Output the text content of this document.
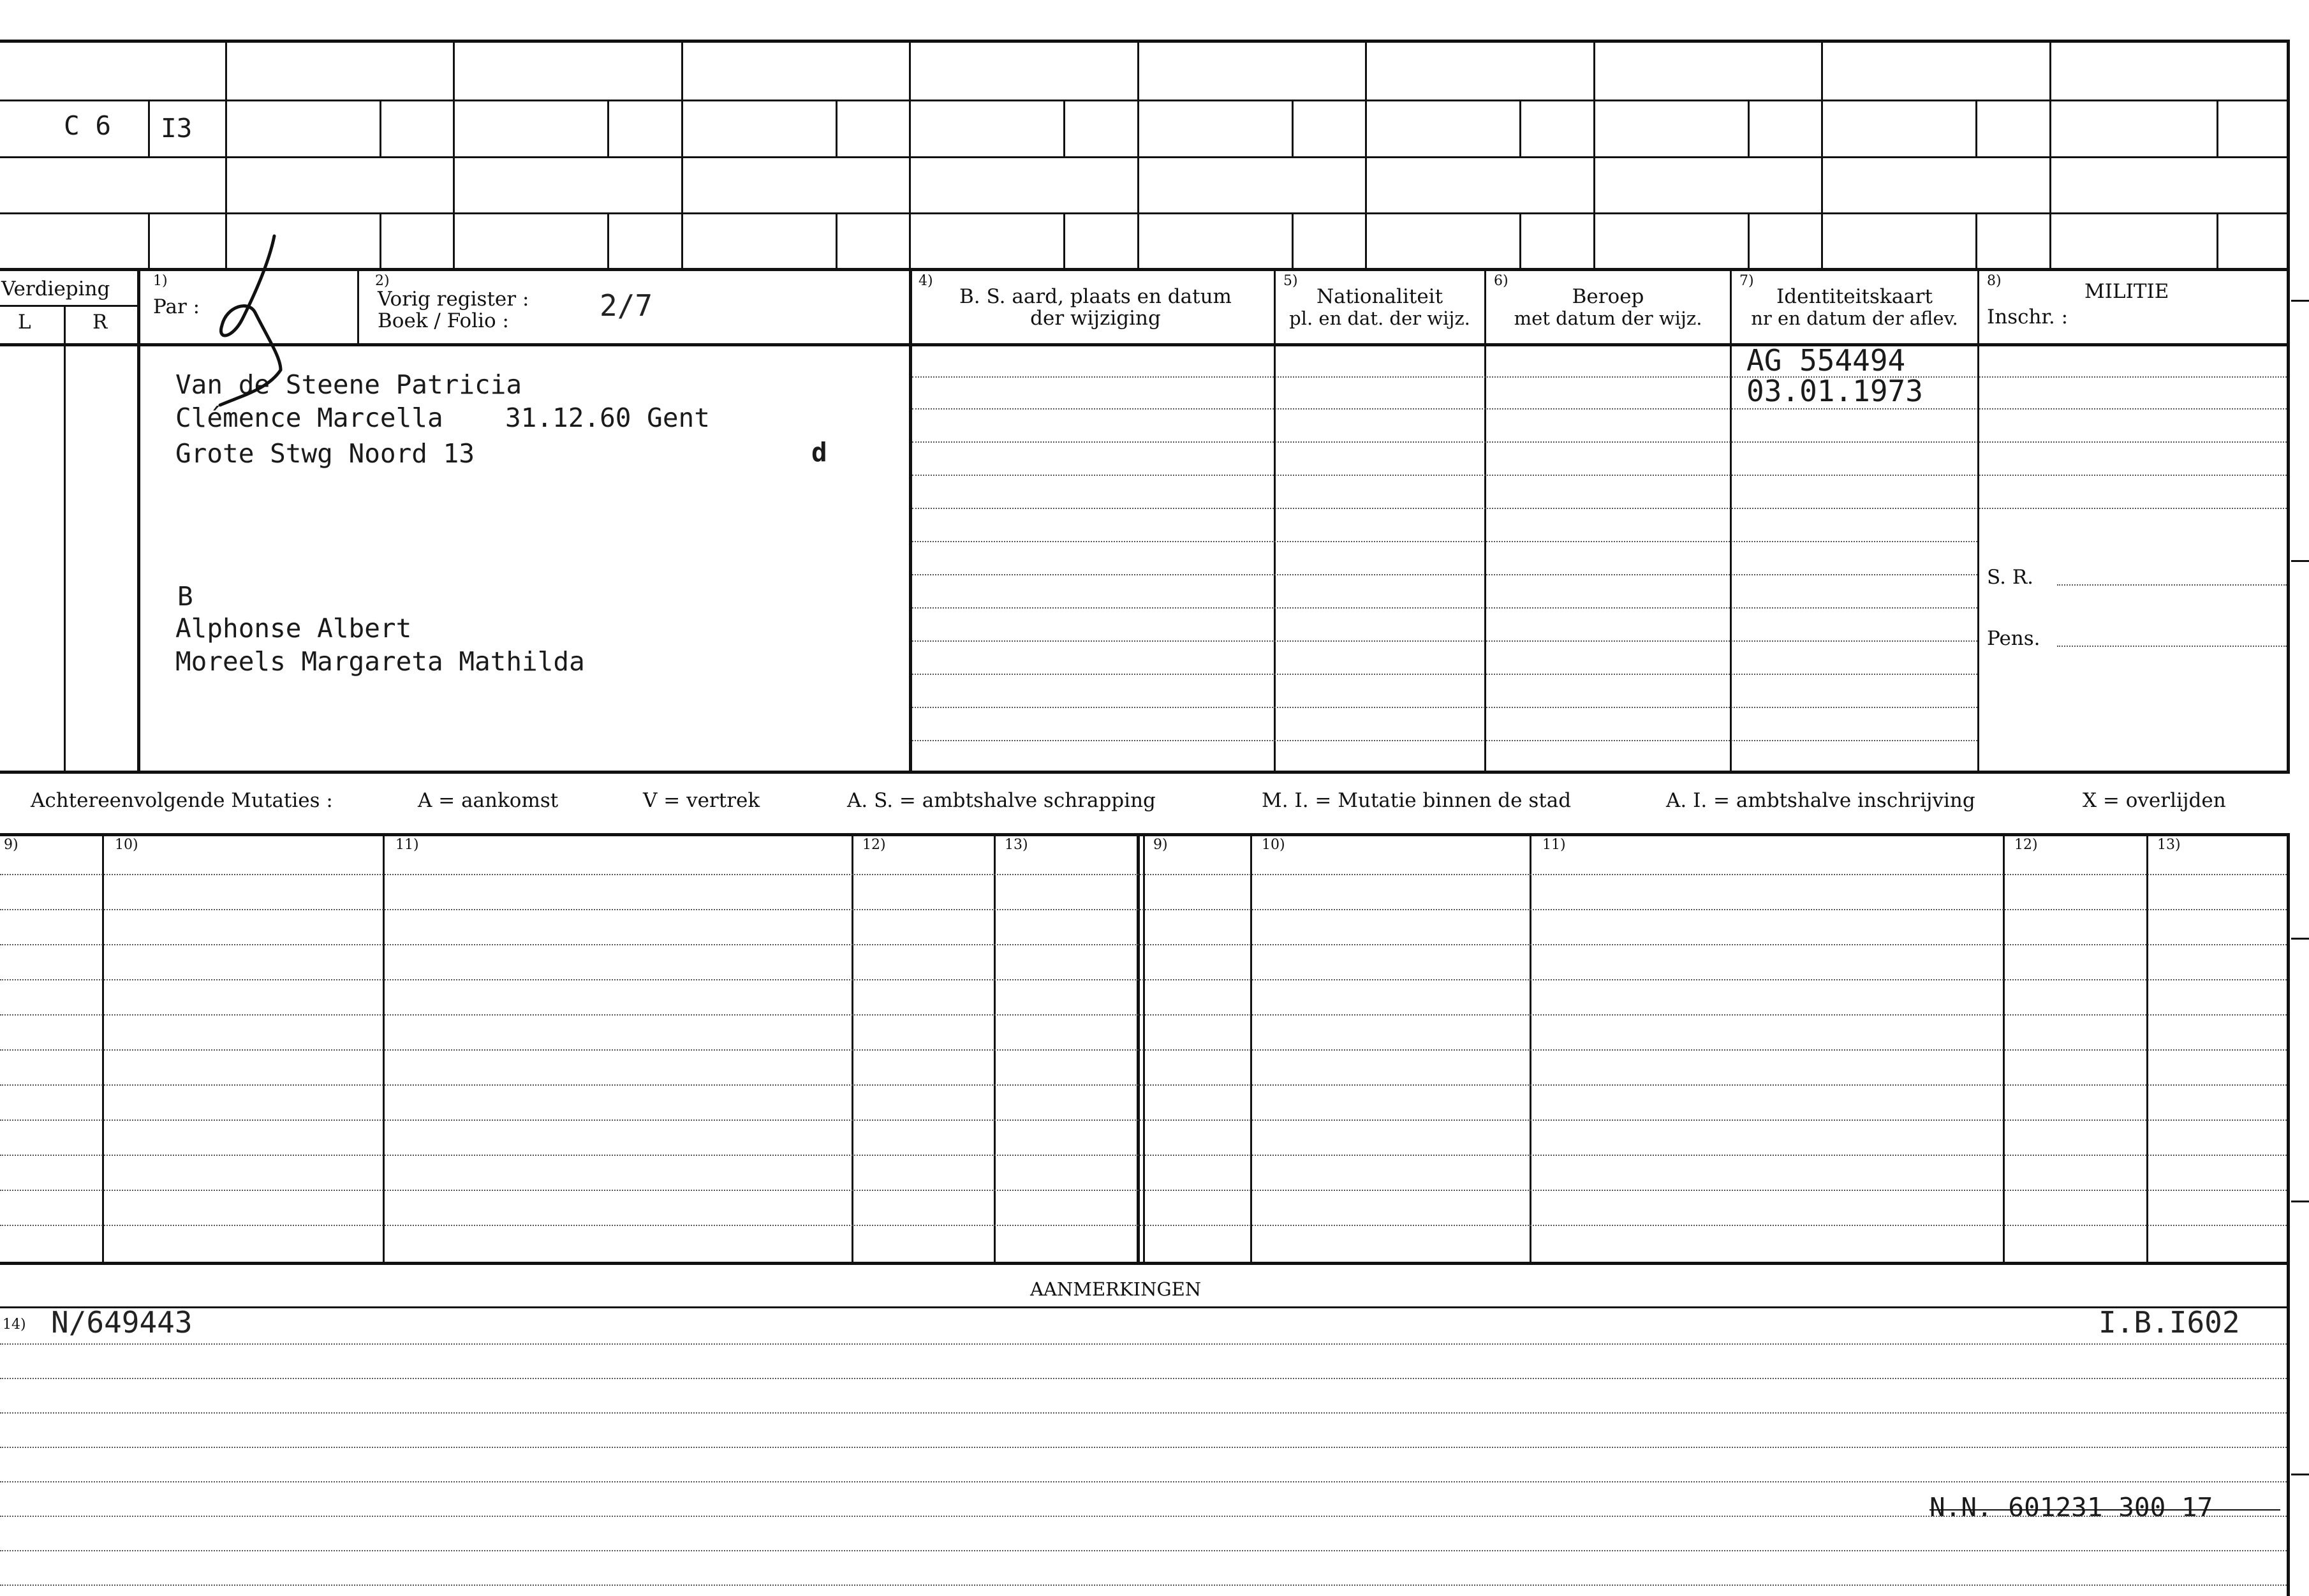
C 6 I3
Verdieping
L	R
1)
Par :
2)
Vorig register :
Boek / Folio :	2/7
4)
B. S. aard, plaats en datum
der wijziging
5)
Nationaliteit
pl. en dat. der wijz.
6)
Beroep
met datum der wijz.
7)
Identiteitskaart
nr en datum der aflev.
8)	MILITIE
Inschr. :
Van de Steene Patricia
Clémence Marcella 31.12.60 Gent
Grote Stwg Noord 13	d
B
Alphonse Albert
Moreels Margareta Mathilda
AG 554494
03.01.1973
S. R.
Pens.
Achtereenvolgende Mutaties :	A = aankomst	V = vertrek	A. S. = ambtshalve schrapping	M. I. = Mutatie binnen de stad	A. I. = ambtshalve inschrijving	X = overlijden
9)	10)	11)	12)	13)	9)	10)	11)	12)	13)
AANMERKINGEN
14) N/649443	I.B.I602
N.N. 601231 300 17
